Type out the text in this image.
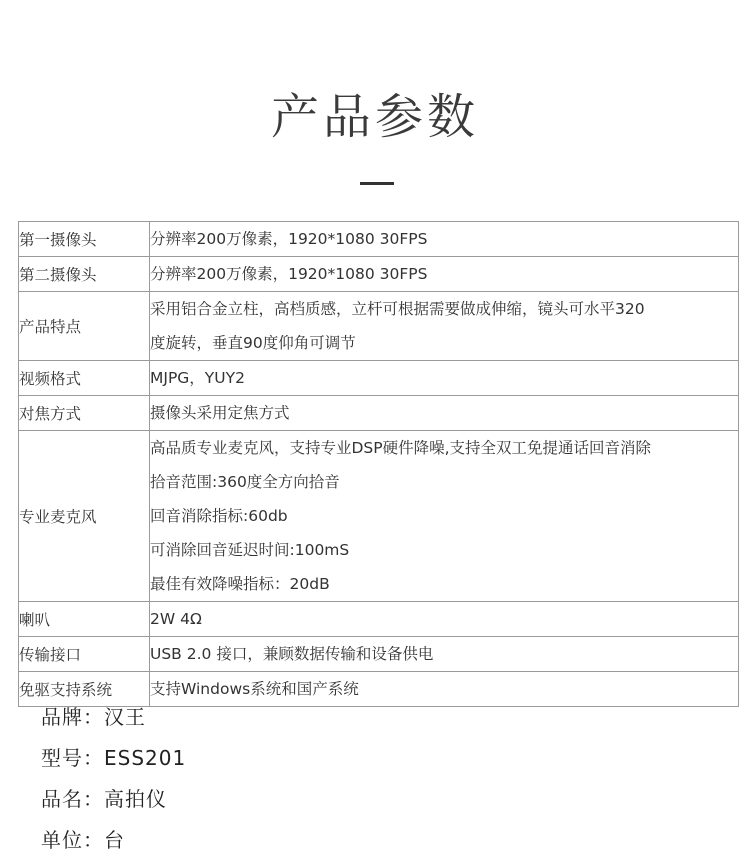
产品参数
第一摄像头	分辨率200万像素，1920*1080 30FPS

第二摄像头	分辨率200万像素，1920*1080 30FPS

产品特点	采用铝合金立柱，高档质感，立杆可根据需要做成伸缩，镜头可水平320
度旋转，垂直90度仰角可调节

视频格式	MJPG，YUY2

对焦方式	摄像头采用定焦方式

专业麦克风	高品质专业麦克风，支持专业DSP硬件降噪,支持全双工免提通话回音消除
拾音范围:360度全方向拾音
回音消除指标:60db
可消除回音延迟时间:100mS
最佳有效降噪指标：20dB

喇叭	2W 4Ω

传输接口	USB 2.0 接口，兼顾数据传输和设备供电

免驱支持系统	支持Windows系统和国产系统
品牌：汉王
型号：ESS201
品名：高拍仪
单位：台
